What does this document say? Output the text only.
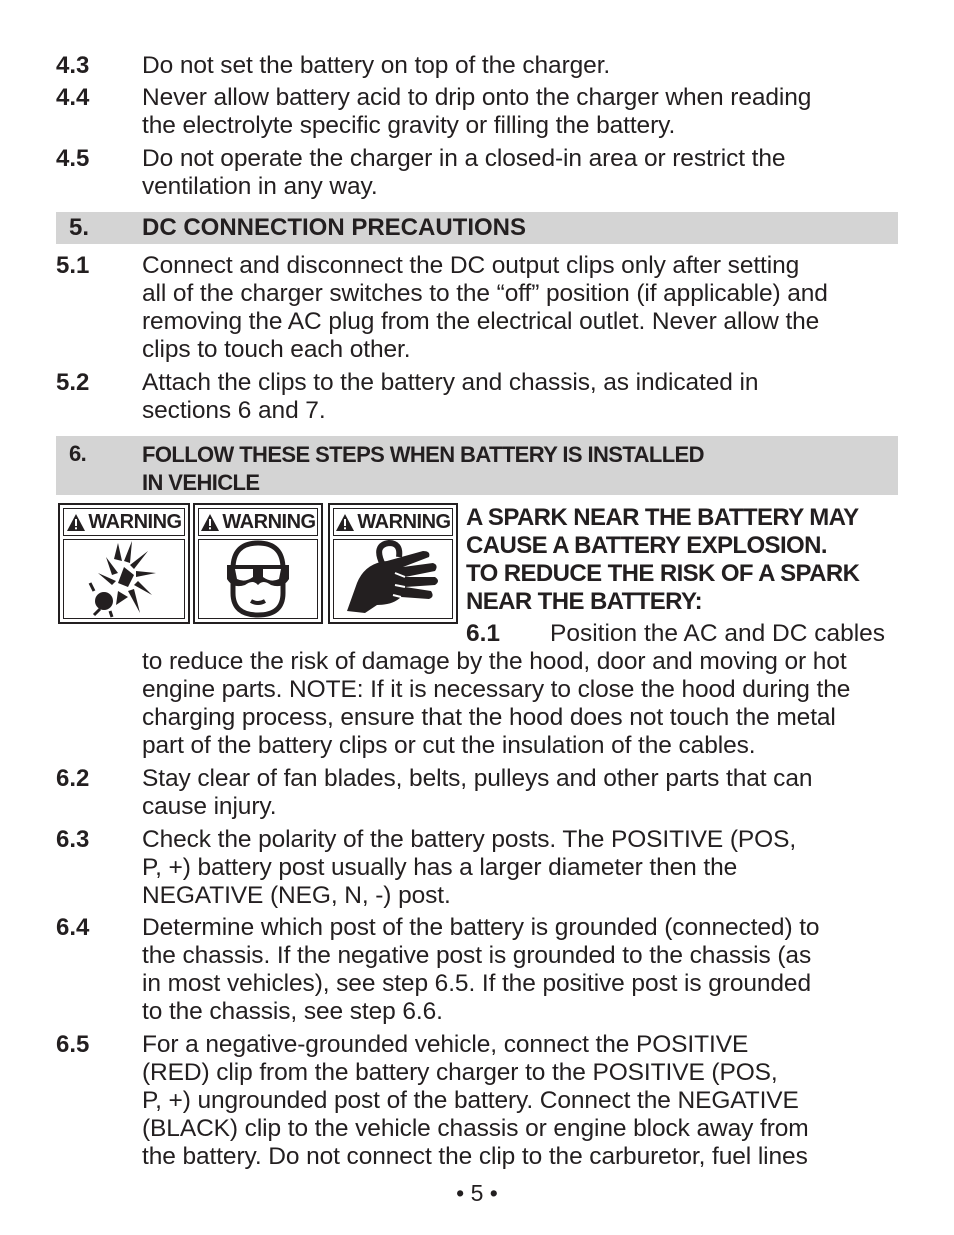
4.3 Do not set the battery on top of the charger.
4.4 Never allow battery acid to drip onto the charger when reading
the electrolyte specific gravity or filling the battery.
4.5 Do not operate the charger in a closed-in area or restrict the
ventilation in any way.
5. DC CONNECTION PRECAUTIONS
5.1 Connect and disconnect the DC output clips only after setting
all of the charger switches to the “off” position (if applicable) and
removing the AC plug from the electrical outlet. Never allow the
clips to touch each other.
5.2 Attach the clips to the battery and chassis, as indicated in
sections 6 and 7.
6.	FOLLOW THESE STEPS WHEN BATTERY IS INSTALLED
IN VEHICLE
WARNING WARNING WARNING A SPARK NEAR THE BATTERY MAY
CAUSE A BATTERY EXPLOSION.
TO REDUCE THE RISK OF A SPARK
NEAR THE BATTERY:
6.1 Position the AC and DC cables
to reduce the risk of damage by the hood, door and moving or hot
engine parts. NOTE: If it is necessary to close the hood during the
charging process, ensure that the hood does not touch the metal
part of the battery clips or cut the insulation of the cables.
6.2 Stay clear of fan blades, belts, pulleys and other parts that can
cause injury.
6.3 Check the polarity of the battery posts. The POSITIVE (POS,
P, +) battery post usually has a larger diameter then the
NEGATIVE (NEG, N, -) post.
6.4 Determine which post of the battery is grounded (connected) to
the chassis. If the negative post is grounded to the chassis (as
in most vehicles), see step 6.5. If the positive post is grounded
to the chassis, see step 6.6.
6.5 For a negative-grounded vehicle, connect the POSITIVE
(RED) clip from the battery charger to the POSITIVE (POS,
P, +) ungrounded post of the battery. Connect the NEGATIVE
(BLACK) clip to the vehicle chassis or engine block away from
the battery. Do not connect the clip to the carburetor, fuel lines
• 5 •
